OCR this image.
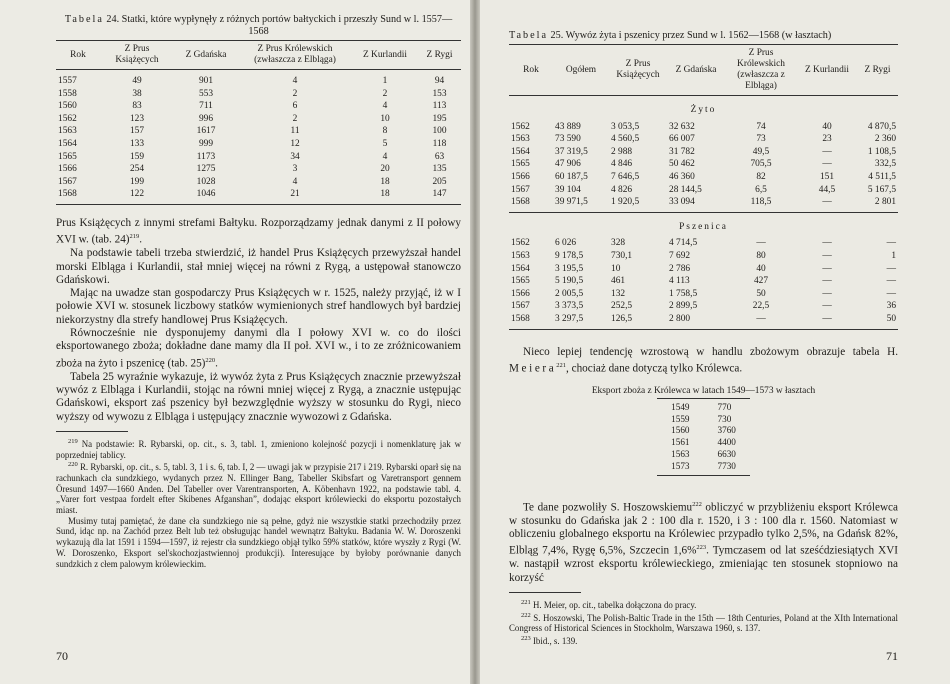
Tabela 24. Statki, które wypłynęły z różnych portów bałtyckich i przeszły Sund w l. 1557—1568
Rok	Z Prus Książęcych	Z Gdańska	Z Prus Królewskich (zwłaszcza z Elbląga)	Z Kurlandii	Z Rygi
1557	49	901	4	1	94
1558	38	553	2	2	153
1560	83	711	6	4	113
1562	123	996	2	10	195
1563	157	1617	11	8	100
1564	133	999	12	5	118
1565	159	1173	34	4	63
1566	254	1275	3	20	135
1567	199	1028	4	18	205
1568	122	1046	21	18	147

Prus Książęcych z innymi strefami Bałtyku. Rozporządzamy jednak danymi z II połowy XVI w. (tab. 24)$^{219}$.

Na podstawie tabeli trzeba stwierdzić, iż handel Prus Książęcych przewyższał handel morski Elbląga i Kurlandii, stał mniej więcej na równi z Rygą, a ustępował stanowczo Gdańskowi.

Mając na uwadze stan gospodarczy Prus Książęcych w r. 1525, należy przyjąć, iż w I połowie XVI w. stosunek liczbowy statków wymienionych stref handlowych był bardziej niekorzystny dla strefy handlowej Prus Książęcych.

Równocześnie nie dysponujemy danymi dla I połowy XVI w. co do ilości eksportowanego zboża; dokładne dane mamy dla II poł. XVI w., i to ze zróżnicowaniem zboża na żyto i pszenicę (tab. 25)$^{220}$.

Tabela 25 wyraźnie wykazuje, iż wywóz żyta z Prus Książęcych znacznie przewyższał wywóz z Elbląga i Kurlandii, stojąc na równi mniej więcej z Rygą, a znacznie ustępując Gdańskowi, eksport zaś pszenicy był bezwzględnie wyższy w stosunku do Rygi, nieco wyższy od wywozu z Elbląga i ustępujący znacznie wywozowi z Gdańska.

$^{219}$ Na podstawie: R. Rybarski, op. cit., s. 3, tabl. 1, zmieniono kolejność pozycji i nomenklaturę jak w poprzedniej tablicy.

$^{220}$ R. Rybarski, op. cit., s. 5, tabl. 3, 1 i s. 6, tab. I, 2 — uwagi jak w przypisie 217 i 219. Rybarski oparł się na rachunkach cła sundzkiego, wydanych przez N. Ellinger Bang, Tabeller Skibsfart og Varetransport gennem Öresund 1497—1660 Anden. Del Tabeller over Varentransporten, A. Köbenhavn 1922, na podstawie tabl. 4. „Varer fort vestpaa fordelt efter Skibenes Afganshan”, dodając eksport królewiecki do eksportu pozostałych miast.

Musimy tutaj pamiętać, że dane cła sundzkiego nie są pełne, gdyż nie wszystkie statki przechodziły przez Sund, idąc np. na Zachód przez Belt lub też obsługując handel wewnątrz Bałtyku. Badania W. W. Doroszenki wykazują dla lat 1591 i 1594—1597, iż rejestr cła sundzkiego objął tylko 59% statków, które wyszły z Rygi (W. W. Doroszenko, Eksport sel'skochozjastwiennoj produkcji). Interesujące by byłoby porównanie danych sundzkich z cłem palowym królewieckim.

70
Tabela 25. Wywóz żyta i pszenicy przez Sund w l. 1562—1568 (w łasztach)
Rok	Ogółem	Z Prus Książęcych	Z Gdańska	Z Prus Królewskich (zwłaszcza z Elbląga)	Z Kurlandii	Z Rygi
Żyto						
1562	43 889	3 053,5	32 632	74	40	4 870,5
1563	73 590	4 560,5	66 007	73	23	2 360
1564	37 319,5	2 988	31 782	49,5	—	1 108,5
1565	47 906	4 846	50 462	705,5	—	332,5
1566	60 187,5	7 646,5	46 360	82	151	4 511,5
1567	39 104	4 826	28 144,5	6,5	44,5	5 167,5
1568	39 971,5	1 920,5	33 094	118,5	—	2 801
Pszenica						
1562	6 026	328	4 714,5	—	—	—
1563	9 178,5	730,1	7 692	80	—	1
1564	3 195,5	10	2 786	40	—	—
1565	5 190,5	461	4 113	427	—	—
1566	2 005,5	132	1 758,5	50	—	—
1567	3 373,5	252,5	2 899,5	22,5	—	36
1568	3 297,5	126,5	2 800	—	—	50

Nieco lepiej tendencję wzrostową w handlu zbożowym obrazuje tabela H. Meiera$^{221}$, chociaż dane dotyczą tylko Królewca.

Eksport zboża z Królewca w latach 1549—1573 w łasztach
1549	770
1559	730
1560	3760
1561	4400
1563	6630
1573	7730

Te dane pozwoliły S. Hoszowskiemu$^{222}$ obliczyć w przybliżeniu eksport Królewca w stosunku do Gdańska jak 2 : 100 dla r. 1520, i 3 : 100 dla r. 1560. Natomiast w obliczeniu globalnego eksportu na Królewiec przypadło tylko 2,5%, na Gdańsk 82%, Elbląg 7,4%, Rygę 6,5%, Szczecin 1,6%$^{223}$. Tymczasem od lat sześćdziesiątych XVI w. nastąpił wzrost eksportu królewieckiego, zmieniając ten stosunek stopniowo na korzyść

$^{221}$ H. Meier, op. cit., tabelka dołączona do pracy.

$^{222}$ S. Hoszowski, The Polish-Baltic Trade in the 15th — 18th Centuries, Poland at the XIth International Congress of Historical Sciences in Stockholm, Warszawa 1960, s. 137.

$^{223}$ Ibid., s. 139.

71
